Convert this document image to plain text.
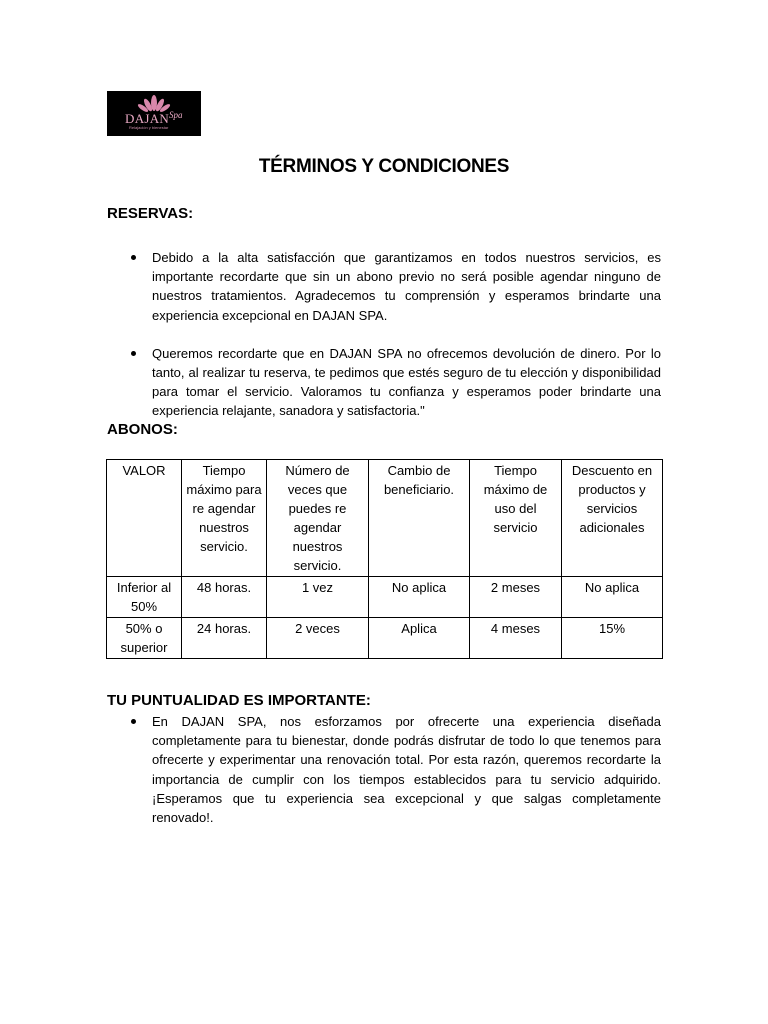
DAJAN Spa
Relajación y bienestar
TÉRMINOS Y CONDICIONES
RESERVAS:
Debido a la alta satisfacción que garantizamos en todos nuestros servicios, es importante recordarte que sin un abono previo no será posible agendar ninguno de nuestros tratamientos. Agradecemos tu comprensión y esperamos brindarte una experiencia excepcional en DAJAN SPA.
Queremos recordarte que en DAJAN SPA no ofrecemos devolución de dinero. Por lo tanto, al realizar tu reserva, te pedimos que estés seguro de tu elección y disponibilidad para tomar el servicio. Valoramos tu confianza y esperamos poder brindarte una experiencia relajante, sanadora y satisfactoria."
ABONOS:
VALOR	Tiempo máximo para re agendar nuestros servicio.	Número de veces que puedes re agendar nuestros servicio.	Cambio de beneficiario.	Tiempo máximo de uso del servicio	Descuento en productos y servicios adicionales
Inferior al 50%	48 horas.	1 vez	No aplica	2 meses	No aplica
50% o superior	24 horas.	2 veces	Aplica	4 meses	15%
TU PUNTUALIDAD ES IMPORTANTE:
En DAJAN SPA, nos esforzamos por ofrecerte una experiencia diseñada completamente para tu bienestar, donde podrás disfrutar de todo lo que tenemos para ofrecerte y experimentar una renovación total. Por esta razón, queremos recordarte la importancia de cumplir con los tiempos establecidos para tu servicio adquirido. ¡Esperamos que tu experiencia sea excepcional y que salgas completamente renovado!.
